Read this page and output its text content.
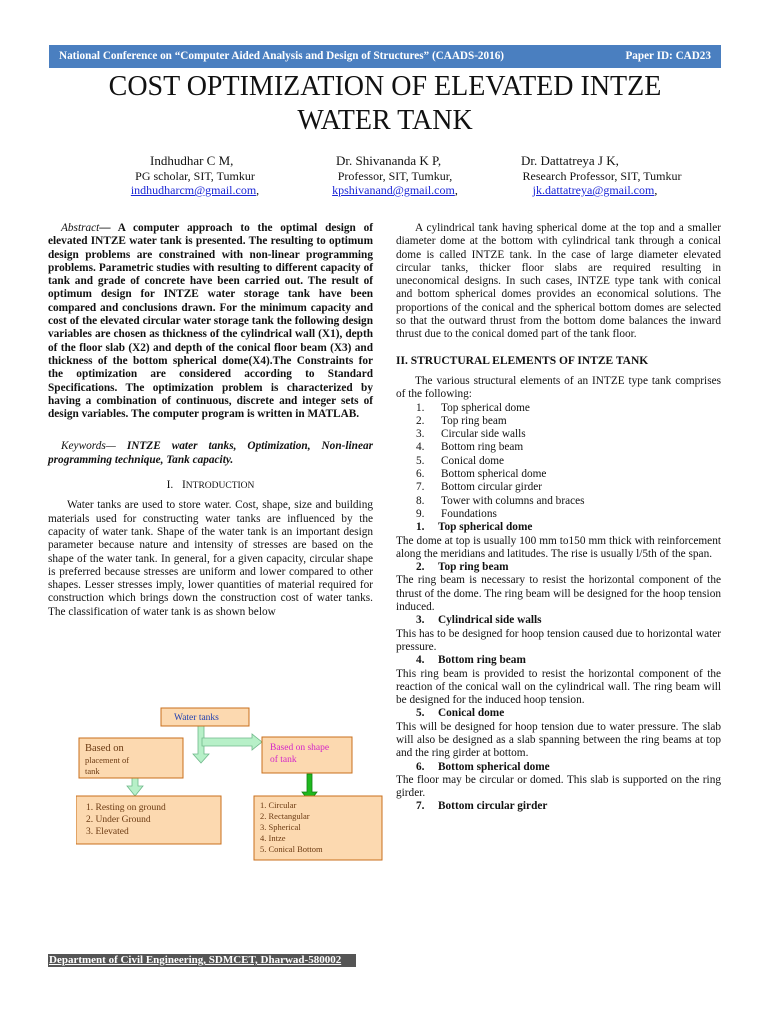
National Conference on “Computer Aided Analysis and Design of Structures” (CAADS-2016)	Paper ID: CAD23
COST OPTIMIZATION OF ELEVATED INTZE
WATER TANK
Indhudhar C M,
PG scholar, SIT, Tumkur
indhudharcm@gmail.com,
Dr. Shivananda K P,
Professor, SIT, Tumkur,
kpshivanand@gmail.com,
Dr. Dattatreya J K,
Research Professor, SIT, Tumkur
jk.dattatreya@gmail.com,

Abstract— A computer approach to the optimal design of elevated INTZE water tank is presented. The resulting to optimum design problems are constrained with non-linear programming problems. Parametric studies with resulting to different capacity of tank and grade of concrete have been carried out. The result of optimum design for INTZE water storage tank have been compared and conclusions drawn. For the minimum capacity and cost of the elevated circular water storage tank the following design variables are chosen as thickness of the cylindrical wall (X1), depth of the floor slab (X2) and depth of the conical floor beam (X3) and thickness of the bottom spherical dome(X4).The Constraints for the optimization are considered according to Standard Specifications. The optimization problem is characterized by having a combination of continuous, discrete and integer sets of design variables. The computer program is written in MATLAB.

Keywords— INTZE water tanks, Optimization, Non-linear programming technique, Tank capacity.

I. INTRODUCTION

Water tanks are used to store water. Cost, shape, size and building materials used for constructing water tanks are influenced by the capacity of water tank. Shape of the water tank is an important design parameter because nature and intensity of stresses are based on the shape of the water tank. In general, for a given capacity, circular shape is preferred because stresses are uniform and lower compared to other shapes. Lesser stresses imply, lower quantities of material required for construction which brings down the construction cost of water tanks. The classification of water tank is as shown below

Water tanks
Based on
placement of
tank
Based on shape
of tank
1. Resting on ground
2. Under Ground
3. Elevated
1. Circular
2. Rectangular
3. Spherical
4. Intze
5. Conical Bottom

A cylindrical tank having spherical dome at the top and a smaller diameter dome at the bottom with cylindrical tank through a conical dome is called INTZE tank. In the case of large diameter elevated circular tanks, thicker floor slabs are required resulting in uneconomical designs. In such cases, INTZE type tank with conical and bottom spherical domes provides an economical solutions. The proportions of the conical and the spherical bottom domes are selected so that the outward thrust from the bottom dome balances the inward thrust due to the conical domed part of the tank floor.

II. STRUCTURAL ELEMENTS OF INTZE TANK

The various structural elements of an INTZE type tank comprises of the following:

1. Top spherical dome
2. Top ring beam
3. Circular side walls
4. Bottom ring beam
5. Conical dome
6. Bottom spherical dome
7. Bottom circular girder
8. Tower with columns and braces
9. Foundations

1. Top spherical dome

The dome at top is usually 100 mm to150 mm thick with reinforcement along the meridians and latitudes. The rise is usually l/5th of the span.

2. Top ring beam

The ring beam is necessary to resist the horizontal component of the thrust of the dome. The ring beam will be designed for the hoop tension induced.

3. Cylindrical side walls

This has to be designed for hoop tension caused due to horizontal water pressure.

4. Bottom ring beam

This ring beam is provided to resist the horizontal component of the reaction of the conical wall on the cylindrical wall. The ring beam will be designed for the induced hoop tension.

5. Conical dome

This will be designed for hoop tension due to water pressure. The slab will also be designed as a slab spanning between the ring beams at top and the ring girder at bottom.

6. Bottom spherical dome

The floor may be circular or domed. This slab is supported on the ring girder.

7. Bottom circular girder

Department of Civil Engineering, SDMCET, Dharwad-580002
